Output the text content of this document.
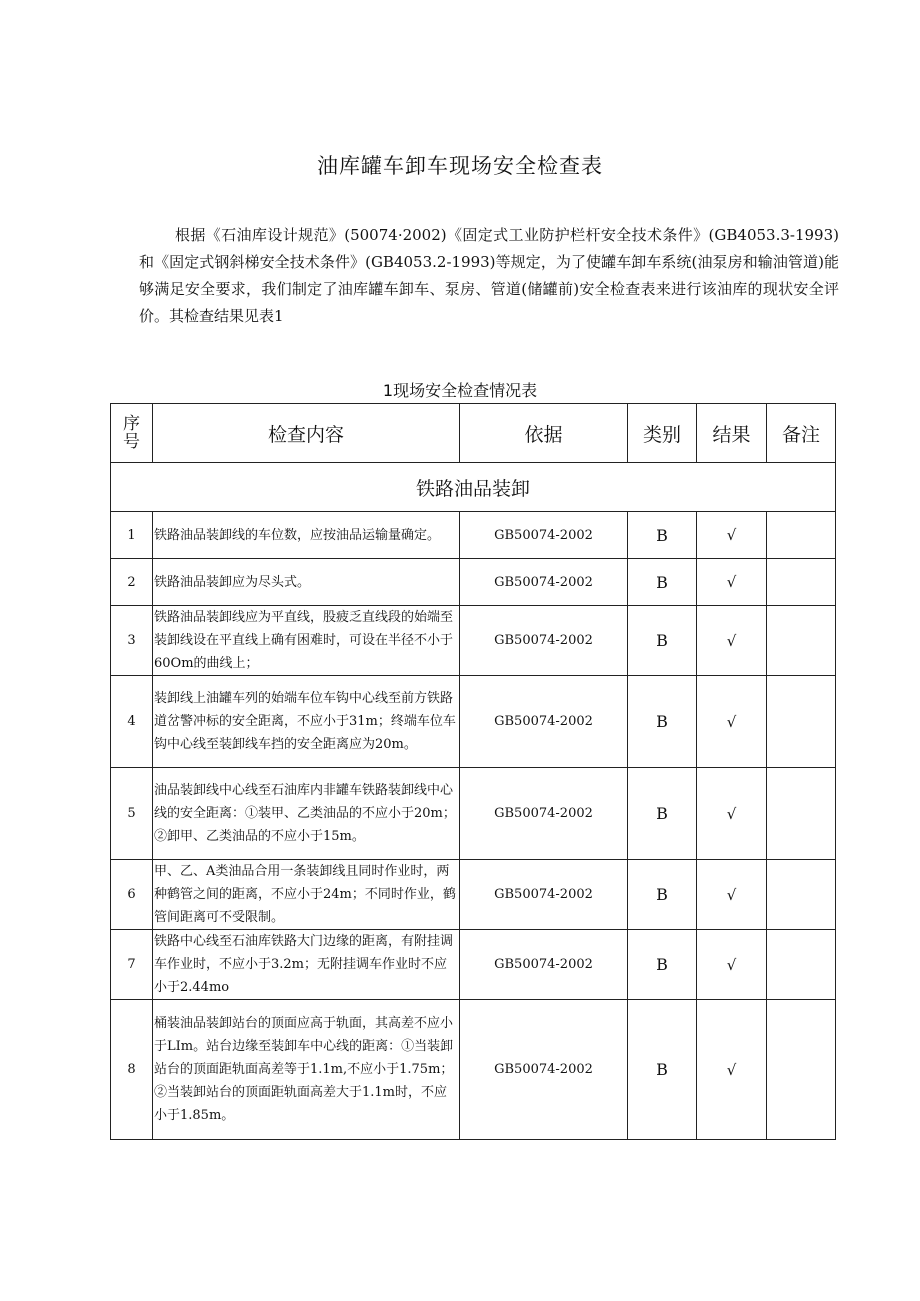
油库罐车卸车现场安全检查表
根据《石油库设计规范》(50074·2002)《固定式工业防护栏杆安全技术条件》(GB4053.3-1993)和《固定式钢斜梯安全技术条件》(GB4053.2-1993)等规定，为了使罐车卸车系统(油泵房和输油管道)能够满足安全要求，我们制定了油库罐车卸车、泵房、管道(储罐前)安全检查表来进行该油库的现状安全评价。其检查结果见表1
1现场安全检查情况表
序
号	检查内容	依据	类别	结果	备注
铁路油品装卸					
1	铁路油品装卸线的车位数，应按油品运输量确定。	GB50074-2002	B	√	
2	铁路油品装卸应为尽头式。	GB50074-2002	B	√	
3	铁路油品装卸线应为平直线，股疲乏直线段的始端至装卸线设在平直线上确有困难时，可设在半径不小于60Om的曲线上；	GB50074-2002	B	√	
4	装卸线上油罐车列的始端车位车钩中心线至前方铁路道岔警冲标的安全距离，不应小于31m；终端车位车钩中心线至装卸线车挡的安全距离应为20m。	GB50074-2002	B	√	
5	油品装卸线中心线至石油库内非罐车铁路装卸线中心线的安全距离：①装甲、乙类油品的不应小于20m；②卸甲、乙类油品的不应小于15m。	GB50074-2002	B	√	
6	甲、乙、A类油品合用一条装卸线且同时作业时，两种鹤管之间的距离，不应小于24m；不同时作业，鹤管间距离可不受限制。	GB50074-2002	B	√	
7	铁路中心线至石油库铁路大门边缘的距离，有附挂调车作业时，不应小于3.2m；无附挂调车作业时不应小于2.44mo	GB50074-2002	B	√	
8	桶装油品装卸站台的顶面应高于轨面，其高差不应小于LIm。站台边缘至装卸车中心线的距离：①当装卸站台的顶面距轨面高差等于1.1m,不应小于1.75m；②当装卸站台的顶面距轨面高差大于1.1m时，不应小于1.85m。	GB50074-2002	B	√	
